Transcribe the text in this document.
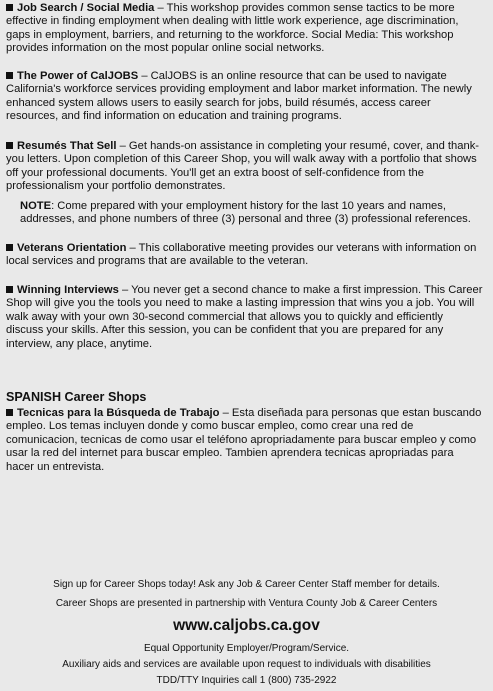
Job Search / Social Media – This workshop provides common sense tactics to be more effective in finding employment when dealing with little work experience, age discrimination, gaps in employment, barriers, and returning to the workforce. Social Media: This workshop provides information on the most popular online social networks.

The Power of CalJOBS – CalJOBS is an online resource that can be used to navigate California's workforce services providing employment and labor market information. The newly enhanced system allows users to easily search for jobs, build résumés, access career resources, and find information on education and training programs.

Resumés That Sell – Get hands-on assistance in completing your resumé, cover, and thank-you letters. Upon completion of this Career Shop, you will walk away with a portfolio that shows off your professional documents. You'll get an extra boost of self-confidence from the professionalism your portfolio demonstrates.

NOTE: Come prepared with your employment history for the last 10 years and names, addresses, and phone numbers of three (3) personal and three (3) professional references.

Veterans Orientation – This collaborative meeting provides our veterans with information on local services and programs that are available to the veteran.

Winning Interviews – You never get a second chance to make a first impression. This Career Shop will give you the tools you need to make a lasting impression that wins you a job. You will walk away with your own 30-second commercial that allows you to quickly and efficiently discuss your skills. After this session, you can be confident that you are prepared for any interview, any place, anytime.

SPANISH Career Shops

Tecnicas para la Búsqueda de Trabajo – Esta diseñada para personas que estan buscando empleo. Los temas incluyen donde y como buscar empleo, como crear una red de comunicacion, tecnicas de como usar el teléfono apropriadamente para buscar empleo y como usar la red del internet para buscar empleo. Tambien aprendera tecnicas apropriadas para hacer un entrevista.

Sign up for Career Shops today! Ask any Job & Career Center Staff member for details.
Career Shops are presented in partnership with Ventura County Job & Career Centers
www.caljobs.ca.gov
Equal Opportunity Employer/Program/Service.
Auxiliary aids and services are available upon request to individuals with disabilities
TDD/TTY Inquiries call 1 (800) 735-2922
